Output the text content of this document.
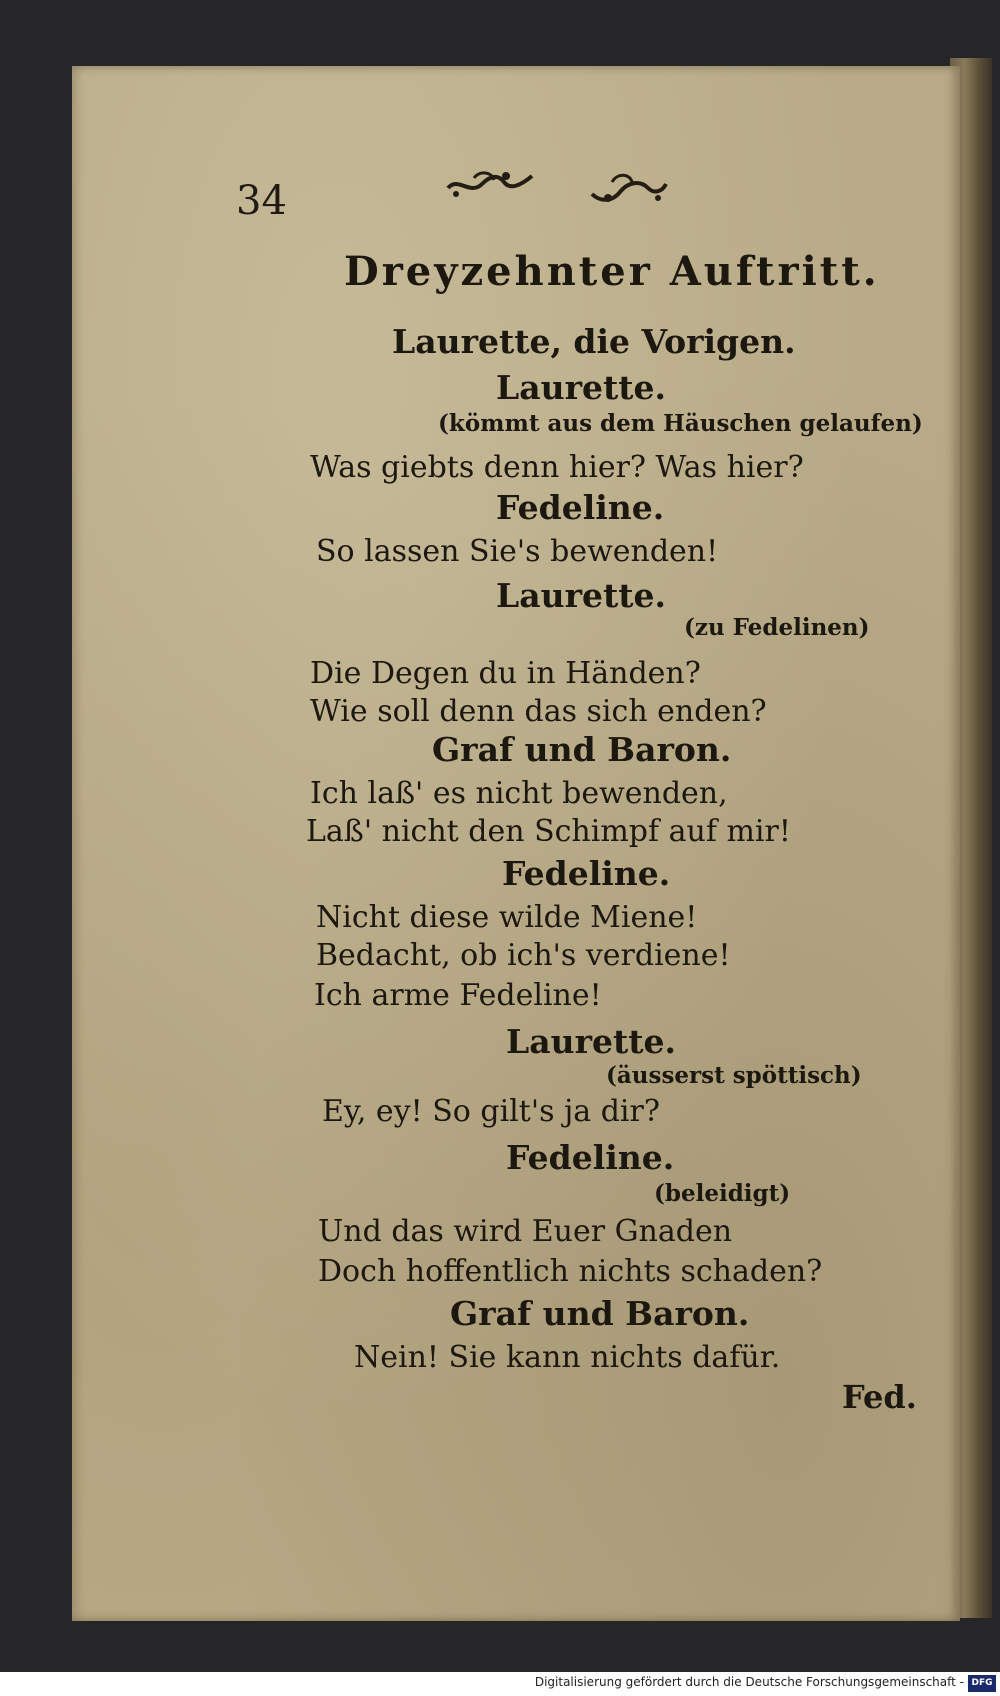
34
Dreyzehnter Auftritt.
Laurette, die Vorigen.
Laurette.
(kömmt aus dem Häuschen gelaufen)
Was giebts denn hier? Was hier?
Fedeline.
So lassen Sie's bewenden!
Laurette.
(zu Fedelinen)
Die Degen du in Händen?
Wie soll denn das sich enden?
Graf und Baron.
Ich laß' es nicht bewenden,
Laß' nicht den Schimpf auf mir!
Fedeline.
Nicht diese wilde Miene!
Bedacht, ob ich's verdiene!
Ich arme Fedeline!
Laurette.
(äusserst spöttisch)
Ey, ey! So gilt's ja dir?
Fedeline.
(beleidigt)
Und das wird Euer Gnaden
Doch hoffentlich nichts schaden?
Graf und Baron.
Nein! Sie kann nichts dafür.
Fed.
Digitalisierung gefördert durch die Deutsche Forschungsgemeinschaft - DFG
